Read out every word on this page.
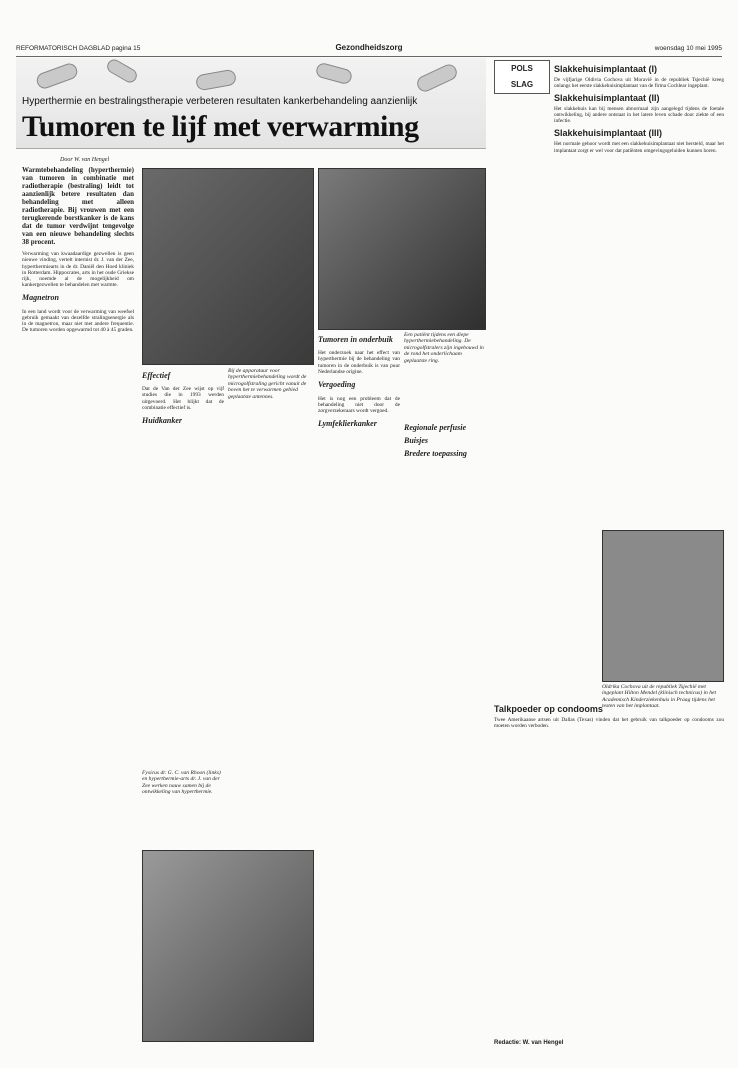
REFORMATORISCH DAGBLAD pagina 15	Gezondheidszorg	woensdag 10 mei 1995
Hyperthermie en bestralingstherapie verbeteren resultaten kankerbehandeling aanzienlijk
Tumoren te lijf met verwarming
Door W. van Hengel
Warmtebehandeling (hyperthermie) van tumoren in combinatie met radiotherapie (bestraling) leidt tot aanzienlijk betere resultaten dan behandeling met alleen radiotherapie. Bij vrouwen met een terugkerende borstkanker is de kans dat de tumor verdwijnt tengevolge van een nieuwe behandeling slechts 38 procent.

Verwarming van kwaadaardige gezwellen is geen nieuwe vinding, vertelt internist dr. J. van der Zee, hyperthermiearts in de dr. Daniël den Hoed kliniek in Rotterdam. Hippocrates, arts in het oude Griekse rijk, noemde al de mogelijkheid om kankergezwellen te behandelen met warmte.

Magnetron

In een land wordt voor de verwarming van weefsel gebruik gemaakt van dezelfde stralingsenergie als in de magnetron, maar niet met andere frequentie. De tumoren worden opgewarmd tot 40 à 45 graden.

Bij de apparatuur voor hyperthermiebehandeling wordt de microgolfstraling gericht vanuit de boven het te verwarmen gebied geplaatste antennes.
Effectief

Dat de Van der Zee wijst op vijf studies die in 1993 werden uitgevoerd. Het blijkt dat de combinatie effectief is.

Huidkanker
Een patiënt tijdens een diepe hyperthermiebehandeling. De microgolfstralers zijn ingebouwd in de rond het onderlichaam geplaatste ring.
Tumoren in onderbuik

Het onderzoek naar het effect van hyperthermie bij de behandeling van tumoren in de onderbuik is van puur Nederlandse origine.

Vergoeding

Het is nog een probleem dat de behandeling niet door de zorgverzekeraars wordt vergoed.

Lymfeklierkanker	Regionale perfusie
Buisjes
Bredere toepassing
Fysicus dr. G. C. van Rhoon (links) en hyperthermie-arts dr. J. van der Zee werken nauw samen bij de ontwikkeling van hyperthermie.
POLS
SLAG
Slakkehuisimplantaat (I)
De vijfjarige Oldivia Cochova uit Moravië in de republiek Tsjechië kreeg onlangs het eerste slakkehuisimplantaat van de firma Cochlear ingeplant.
Slakkehuisimplantaat (II)
Het slakkehuis kan bij mensen abnormaal zijn aangelegd tijdens de foetale ontwikkeling, bij andere ontstaat in het latere leven schade door ziekte of een infectie.
Slakkehuisimplantaat (III)
Het normale gehoor wordt met een slakkehuisimplantaat niet hersteld, maar het implantaat zorgt er wel voor dat patiënten omgevingsgeluiden kunnen horen.
Oldrika Cochova uit de republiek Tsjechië met ingeplant Hilton Mendel (klinisch technicus) in het Academisch Kinderziekenhuis in Praag tijdens het testen van het implantaat.
Talkpoeder op condooms
Twee Amerikaanse artsen uit Dallas (Texas) vinden dat het gebruik van talkpoeder op condooms zou moeten worden verboden.
Redactie: W. van Hengel
